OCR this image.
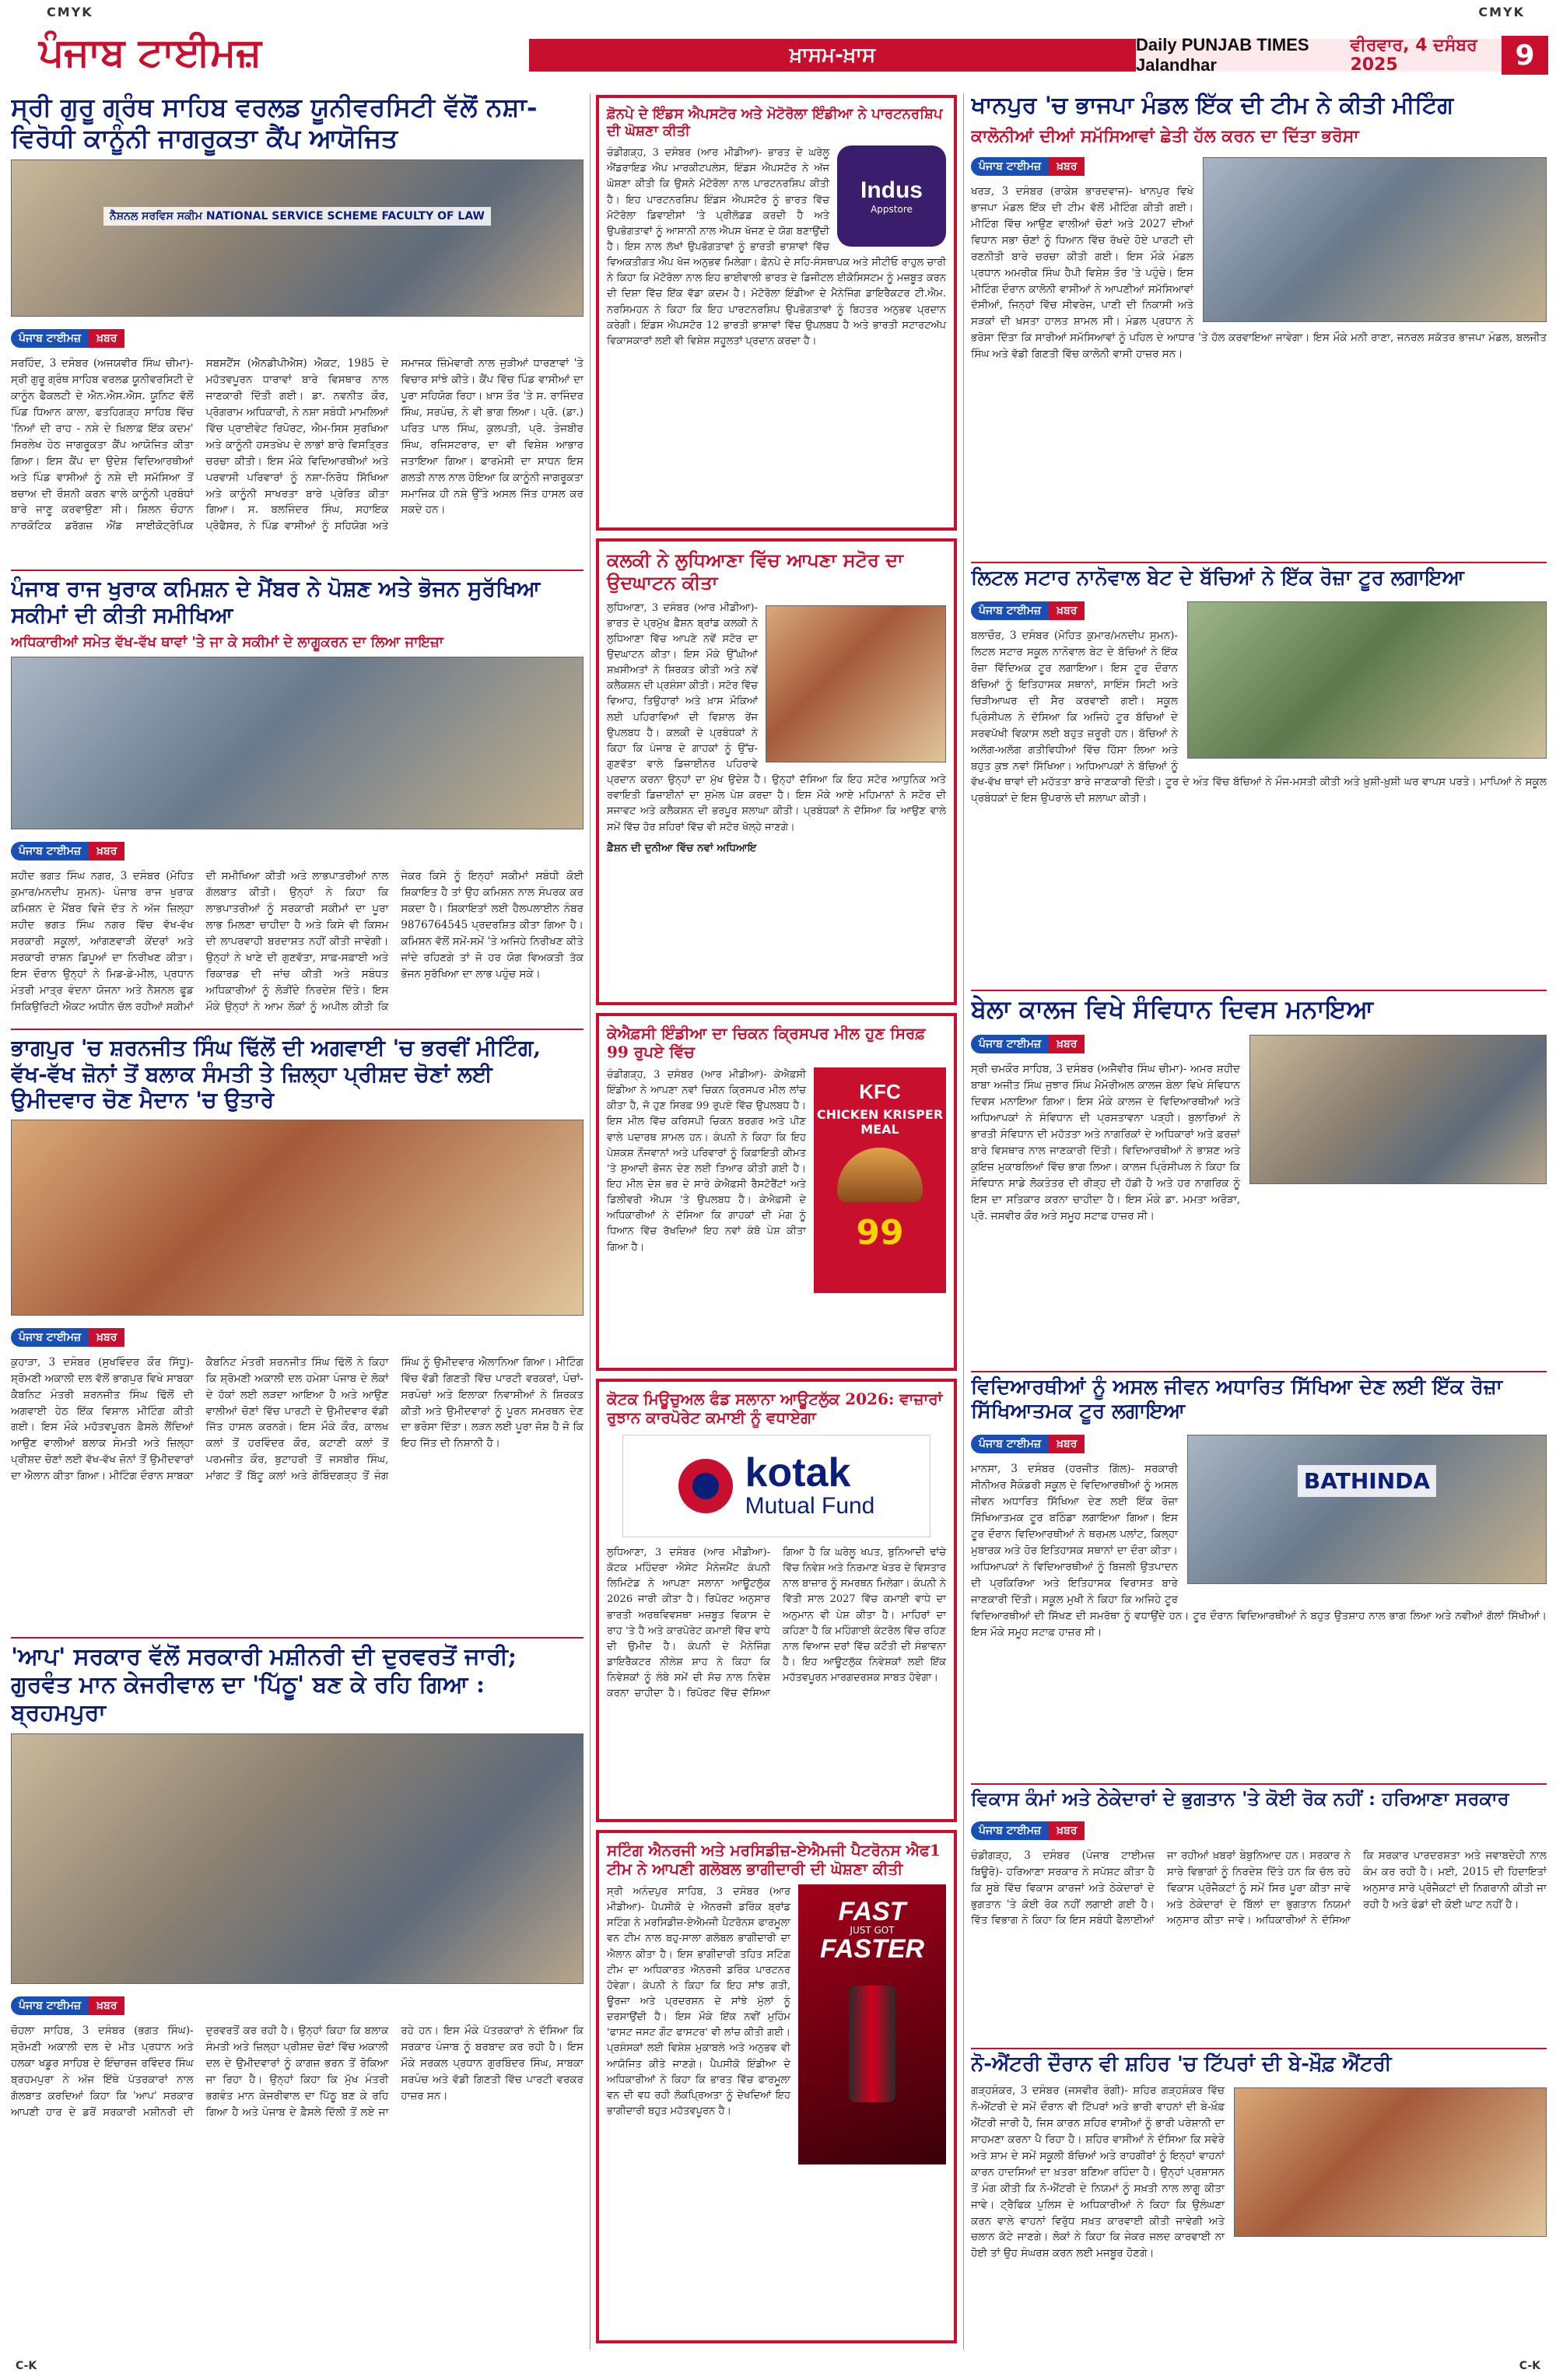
CMYK	CMYK
ਪੰਜਾਬ ਟਾਈਮਜ਼	ਖ਼ਾਸਮ-ਖ਼ਾਸ	Daily PUNJAB TIMES Jalandhar
ਵੀਰਵਾਰ, 4 ਦਸੰਬਰ 2025	9
ਸ੍ਰੀ ਗੁਰੂ ਗ੍ਰੰਥ ਸਾਹਿਬ ਵਰਲਡ ਯੂਨੀਵਰਸਿਟੀ ਵੱਲੋਂ ਨਸ਼ਾ-ਵਿਰੋਧੀ ਕਾਨੂੰਨੀ ਜਾਗਰੂਕਤਾ ਕੈਂਪ ਆਯੋਜਿਤ
ਨੈਸ਼ਨਲ ਸਰਵਿਸ ਸਕੀਮ NATIONAL SERVICE SCHEME FACULTY OF LAW
ਪੰਜਾਬ ਟਾਈਮਜ਼	ਖ਼ਬਰ
ਸਰਹਿੰਦ, 3 ਦਸੰਬਰ (ਅਜਯਵੀਰ ਸਿੰਘ ਚੀਮਾ)- ਸ੍ਰੀ ਗੁਰੂ ਗ੍ਰੰਥ ਸਾਹਿਬ ਵਰਲਡ ਯੂਨੀਵਰਸਿਟੀ ਦੇ ਕਾਨੂੰਨ ਫੈਕਲਟੀ ਦੇ ਐਨ.ਐਸ.ਐਸ. ਯੂਨਿਟ ਵੱਲੋਂ ਪਿੰਡ ਧਿਆਨ ਕਾਲਾ, ਫਤਹਿਗੜ੍ਹ ਸਾਹਿਬ ਵਿੱਚ 'ਨਿਆਂ ਦੀ ਰਾਹ - ਨਸ਼ੇ ਦੇ ਖ਼ਿਲਾਫ਼ ਇੱਕ ਕਦਮ' ਸਿਰਲੇਖ ਹੇਠ ਜਾਗਰੂਕਤਾ ਕੈਂਪ ਆਯੋਜਿਤ ਕੀਤਾ ਗਿਆ। ਇਸ ਕੈਂਪ ਦਾ ਉਦੇਸ਼ ਵਿਦਿਆਰਥੀਆਂ ਅਤੇ ਪਿੰਡ ਵਾਸੀਆਂ ਨੂੰ ਨਸ਼ੇ ਦੀ ਸਮੱਸਿਆ ਤੋਂ ਬਚਾਅ ਦੀ ਰੌਸ਼ਨੀ ਕਰਨ ਵਾਲੇ ਕਾਨੂੰਨੀ ਪ੍ਰਬੰਧਾਂ ਬਾਰੇ ਜਾਣੂ ਕਰਵਾਉਣਾ ਸੀ। ਸ਼ਿਲਨ ਚੌਹਾਨ ਨਾਰਕੋਟਿਕ ਡਰੱਗਜ਼ ਐਂਡ ਸਾਈਕੋਟ੍ਰੋਪਿਕ ਸਬਸਟੈਂਸ (ਐਨਡੀਪੀਐਸ) ਐਕਟ, 1985 ਦੇ ਮਹੱਤਵਪੂਰਨ ਧਾਰਾਵਾਂ ਬਾਰੇ ਵਿਸਥਾਰ ਨਾਲ ਜਾਣਕਾਰੀ ਦਿੱਤੀ ਗਈ। ਡਾ. ਨਵਨੀਤ ਕੌਰ, ਪ੍ਰੋਗਰਾਮ ਅਧਿਕਾਰੀ, ਨੇ ਨਸ਼ਾ ਸਬੰਧੀ ਮਾਮਲਿਆਂ ਵਿੱਚ ਪ੍ਰਾਈਵੇਟ ਰਿਪੋਰਟ, ਐਮ-ਸਿਸ ਸੁਰਖਿਆ ਅਤੇ ਕਾਨੂੰਨੀ ਹਸਤਖੇਪ ਦੇ ਲਾਭਾਂ ਬਾਰੇ ਵਿਸਤ੍ਰਿਤ ਚਰਚਾ ਕੀਤੀ। ਇਸ ਮੌਕੇ ਵਿਦਿਆਰਥੀਆਂ ਅਤੇ ਪਰਵਾਸੀ ਪਰਿਵਾਰਾਂ ਨੂੰ ਨਸ਼ਾ-ਨਿਰੋਧ ਸਿੱਖਿਆ ਅਤੇ ਕਾਨੂੰਨੀ ਸਾਖਰਤਾ ਬਾਰੇ ਪ੍ਰੇਰਿਤ ਕੀਤਾ ਗਿਆ। ਸ. ਬਲਜਿੰਦਰ ਸਿੰਘ, ਸਹਾਇਕ ਪ੍ਰੋਫੈਸਰ, ਨੇ ਪਿੰਡ ਵਾਸੀਆਂ ਨੂੰ ਸਹਿਯੋਗ ਅਤੇ ਸਮਾਜਕ ਜ਼ਿੰਮੇਵਾਰੀ ਨਾਲ ਜੁੜੀਆਂ ਧਾਰਣਾਵਾਂ 'ਤੇ ਵਿਚਾਰ ਸਾਂਝੇ ਕੀਤੇ। ਕੈਂਪ ਵਿੱਚ ਪਿੰਡ ਵਾਸੀਆਂ ਦਾ ਪੂਰਾ ਸਹਿਯੋਗ ਰਿਹਾ। ਖ਼ਾਸ ਤੌਰ 'ਤੇ ਸ. ਰਾਜਿੰਦਰ ਸਿੰਘ, ਸਰਪੰਚ, ਨੇ ਵੀ ਭਾਗ ਲਿਆ। ਪ੍ਰੋ. (ਡਾ.) ਪਰਿਤ ਪਾਲ ਸਿੰਘ, ਕੁਲਪਤੀ, ਪ੍ਰੋ. ਤੇਜਬੀਰ ਸਿੰਘ, ਰਜਿਸਟਰਾਰ, ਦਾ ਵੀ ਵਿਸ਼ੇਸ਼ ਆਭਾਰ ਜਤਾਇਆ ਗਿਆ। ਫਾਰਮੇਸੀ ਦਾ ਸਾਧਨ ਇਸ ਗਲਤੀ ਨਾਲ ਨਾਲ ਹੋਇਆ ਕਿ ਕਾਨੂੰਨੀ ਜਾਗਰੂਕਤਾ ਸਮਾਜਿਕ ਹੀ ਨਸ਼ੇ ਉੱਤੇ ਅਸਲ ਜਿੱਤ ਹਾਸਲ ਕਰ ਸਕਦੇ ਹਨ।
ਪੰਜਾਬ ਰਾਜ ਖੁਰਾਕ ਕਮਿਸ਼ਨ ਦੇ ਮੈਂਬਰ ਨੇ ਪੋਸ਼ਣ ਅਤੇ ਭੋਜਨ ਸੁਰੱਖਿਆ ਸਕੀਮਾਂ ਦੀ ਕੀਤੀ ਸਮੀਖਿਆ
ਅਧਿਕਾਰੀਆਂ ਸਮੇਤ ਵੱਖ-ਵੱਖ ਥਾਵਾਂ 'ਤੇ ਜਾ ਕੇ ਸਕੀਮਾਂ ਦੇ ਲਾਗੂਕਰਨ ਦਾ ਲਿਆ ਜਾਇਜ਼ਾ
ਪੰਜਾਬ ਟਾਈਮਜ਼	ਖ਼ਬਰ
ਸ਼ਹੀਦ ਭਗਤ ਸਿੰਘ ਨਗਰ, 3 ਦਸੰਬਰ (ਮੋਹਿਤ ਕੁਮਾਰ/ਮਨਦੀਪ ਸੁਮਨ)- ਪੰਜਾਬ ਰਾਜ ਖੁਰਾਕ ਕਮਿਸ਼ਨ ਦੇ ਮੈਂਬਰ ਵਿਜੇ ਦੱਤ ਨੇ ਅੱਜ ਜ਼ਿਲ੍ਹਾ ਸ਼ਹੀਦ ਭਗਤ ਸਿੰਘ ਨਗਰ ਵਿੱਚ ਵੱਖ-ਵੱਖ ਸਰਕਾਰੀ ਸਕੂਲਾਂ, ਆਂਗਣਵਾੜੀ ਕੇਂਦਰਾਂ ਅਤੇ ਸਰਕਾਰੀ ਰਾਸ਼ਨ ਡਿਪੂਆਂ ਦਾ ਨਿਰੀਖਣ ਕੀਤਾ। ਇਸ ਦੌਰਾਨ ਉਨ੍ਹਾਂ ਨੇ ਮਿਡ-ਡੇ-ਮੀਲ, ਪ੍ਰਧਾਨ ਮੰਤਰੀ ਮਾਤ੍ਰ ਵੰਦਨਾ ਯੋਜਨਾ ਅਤੇ ਨੈਸ਼ਨਲ ਫੂਡ ਸਿਕਿਉਰਿਟੀ ਐਕਟ ਅਧੀਨ ਚੱਲ ਰਹੀਆਂ ਸਕੀਮਾਂ ਦੀ ਸਮੀਖਿਆ ਕੀਤੀ ਅਤੇ ਲਾਭਪਾਤਰੀਆਂ ਨਾਲ ਗੱਲਬਾਤ ਕੀਤੀ। ਉਨ੍ਹਾਂ ਨੇ ਕਿਹਾ ਕਿ ਲਾਭਪਾਤਰੀਆਂ ਨੂੰ ਸਰਕਾਰੀ ਸਕੀਮਾਂ ਦਾ ਪੂਰਾ ਲਾਭ ਮਿਲਣਾ ਚਾਹੀਦਾ ਹੈ ਅਤੇ ਕਿਸੇ ਵੀ ਕਿਸਮ ਦੀ ਲਾਪਰਵਾਹੀ ਬਰਦਾਸ਼ਤ ਨਹੀਂ ਕੀਤੀ ਜਾਵੇਗੀ। ਉਨ੍ਹਾਂ ਨੇ ਖਾਣੇ ਦੀ ਗੁਣਵੱਤਾ, ਸਾਫ਼-ਸਫ਼ਾਈ ਅਤੇ ਰਿਕਾਰਡ ਦੀ ਜਾਂਚ ਕੀਤੀ ਅਤੇ ਸਬੰਧਤ ਅਧਿਕਾਰੀਆਂ ਨੂੰ ਲੋੜੀਂਦੇ ਨਿਰਦੇਸ਼ ਦਿੱਤੇ। ਇਸ ਮੌਕੇ ਉਨ੍ਹਾਂ ਨੇ ਆਮ ਲੋਕਾਂ ਨੂੰ ਅਪੀਲ ਕੀਤੀ ਕਿ ਜੇਕਰ ਕਿਸੇ ਨੂੰ ਇਨ੍ਹਾਂ ਸਕੀਮਾਂ ਸਬੰਧੀ ਕੋਈ ਸ਼ਿਕਾਇਤ ਹੈ ਤਾਂ ਉਹ ਕਮਿਸ਼ਨ ਨਾਲ ਸੰਪਰਕ ਕਰ ਸਕਦਾ ਹੈ। ਸ਼ਿਕਾਇਤਾਂ ਲਈ ਹੈਲਪਲਾਈਨ ਨੰਬਰ 9876764545 ਪ੍ਰਦਰਸ਼ਿਤ ਕੀਤਾ ਗਿਆ ਹੈ। ਕਮਿਸ਼ਨ ਵੱਲੋਂ ਸਮੇਂ-ਸਮੇਂ 'ਤੇ ਅਜਿਹੇ ਨਿਰੀਖਣ ਕੀਤੇ ਜਾਂਦੇ ਰਹਿਣਗੇ ਤਾਂ ਜੋ ਹਰ ਯੋਗ ਵਿਅਕਤੀ ਤੱਕ ਭੋਜਨ ਸੁਰੱਖਿਆ ਦਾ ਲਾਭ ਪਹੁੰਚ ਸਕੇ।
ਭਾਗਪੁਰ 'ਚ ਸ਼ਰਨਜੀਤ ਸਿੰਘ ਢਿੱਲੋਂ ਦੀ ਅਗਵਾਈ 'ਚ ਭਰਵੀਂ ਮੀਟਿੰਗ, ਵੱਖ-ਵੱਖ ਜ਼ੋਨਾਂ ਤੋਂ ਬਲਾਕ ਸੰਮਤੀ ਤੇ ਜ਼ਿਲ੍ਹਾ ਪ੍ਰੀਸ਼ਦ ਚੋਣਾਂ ਲਈ ਉਮੀਦਵਾਰ ਚੋਣ ਮੈਦਾਨ 'ਚ ਉਤਾਰੇ
ਪੰਜਾਬ ਟਾਈਮਜ਼	ਖ਼ਬਰ
ਕੁਹਾੜਾ, 3 ਦਸੰਬਰ (ਸੁਖਵਿੰਦਰ ਕੌਰ ਸਿੱਧੂ)- ਸ਼੍ਰੋਮਣੀ ਅਕਾਲੀ ਦਲ ਵੱਲੋਂ ਭਾਗਪੁਰ ਵਿਖੇ ਸਾਬਕਾ ਕੈਬਨਿਟ ਮੰਤਰੀ ਸ਼ਰਨਜੀਤ ਸਿੰਘ ਢਿੱਲੋਂ ਦੀ ਅਗਵਾਈ ਹੇਠ ਇੱਕ ਵਿਸ਼ਾਲ ਮੀਟਿੰਗ ਕੀਤੀ ਗਈ। ਇਸ ਮੌਕੇ ਮਹੱਤਵਪੂਰਨ ਫ਼ੈਸਲੇ ਲੈਂਦਿਆਂ ਆਉਣ ਵਾਲੀਆਂ ਬਲਾਕ ਸੰਮਤੀ ਅਤੇ ਜ਼ਿਲ੍ਹਾ ਪ੍ਰੀਸ਼ਦ ਚੋਣਾਂ ਲਈ ਵੱਖ-ਵੱਖ ਜ਼ੋਨਾਂ ਤੋਂ ਉਮੀਦਵਾਰਾਂ ਦਾ ਐਲਾਨ ਕੀਤਾ ਗਿਆ। ਮੀਟਿੰਗ ਦੌਰਾਨ ਸਾਬਕਾ ਕੈਬਨਿਟ ਮੰਤਰੀ ਸ਼ਰਨਜੀਤ ਸਿੰਘ ਢਿੱਲੋਂ ਨੇ ਕਿਹਾ ਕਿ ਸ਼੍ਰੋਮਣੀ ਅਕਾਲੀ ਦਲ ਹਮੇਸ਼ਾ ਪੰਜਾਬ ਦੇ ਲੋਕਾਂ ਦੇ ਹੱਕਾਂ ਲਈ ਲੜਦਾ ਆਇਆ ਹੈ ਅਤੇ ਆਉਣ ਵਾਲੀਆਂ ਚੋਣਾਂ ਵਿੱਚ ਪਾਰਟੀ ਦੇ ਉਮੀਦਵਾਰ ਵੱਡੀ ਜਿੱਤ ਹਾਸਲ ਕਰਨਗੇ। ਇਸ ਮੌਕੇ ਕੌਰ, ਕਾਲਖ ਕਲਾਂ ਤੋਂ ਹਰਵਿੰਦਰ ਕੌਰ, ਕਟਾਣੀ ਕਲਾਂ ਤੋਂ ਪਰਮਜੀਤ ਕੌਰ, ਬੁਟਾਹਰੀ ਤੋਂ ਜਸਬੀਰ ਸਿੰਘ, ਮਾਂਗਟ ਤੋਂ ਬਿੱਟੂ ਕਲਾਂ ਅਤੇ ਗੋਬਿੰਦਗੜ੍ਹ ਤੋਂ ਜੰਗ ਸਿੰਘ ਨੂੰ ਉਮੀਦਵਾਰ ਐਲਾਨਿਆ ਗਿਆ। ਮੀਟਿੰਗ ਵਿੱਚ ਵੱਡੀ ਗਿਣਤੀ ਵਿੱਚ ਪਾਰਟੀ ਵਰਕਰਾਂ, ਪੰਚਾਂ-ਸਰਪੰਚਾਂ ਅਤੇ ਇਲਾਕਾ ਨਿਵਾਸੀਆਂ ਨੇ ਸ਼ਿਰਕਤ ਕੀਤੀ ਅਤੇ ਉਮੀਦਵਾਰਾਂ ਨੂੰ ਪੂਰਨ ਸਮਰਥਨ ਦੇਣ ਦਾ ਭਰੋਸਾ ਦਿੱਤਾ। ਲੜਨ ਲਈ ਪੂਰਾ ਜੋਸ਼ ਹੈ ਜੋ ਕਿ ਇਹ ਜਿੱਤ ਦੀ ਨਿਸ਼ਾਨੀ ਹੈ।
'ਆਪ' ਸਰਕਾਰ ਵੱਲੋਂ ਸਰਕਾਰੀ ਮਸ਼ੀਨਰੀ ਦੀ ਦੁਰਵਰਤੋਂ ਜਾਰੀ; ਗੁਰਵੰਤ ਮਾਨ ਕੇਜਰੀਵਾਲ ਦਾ 'ਪਿੱਠੂ' ਬਣ ਕੇ ਰਹਿ ਗਿਆ : ਬ੍ਰਹਮਪੁਰਾ
ਪੰਜਾਬ ਟਾਈਮਜ਼	ਖ਼ਬਰ
ਚੋਹਲਾ ਸਾਹਿਬ, 3 ਦਸੰਬਰ (ਭਗਤ ਸਿੰਘ)- ਸ਼੍ਰੋਮਣੀ ਅਕਾਲੀ ਦਲ ਦੇ ਮੀਤ ਪ੍ਰਧਾਨ ਅਤੇ ਹਲਕਾ ਖਡੂਰ ਸਾਹਿਬ ਦੇ ਇੰਚਾਰਜ ਰਵਿੰਦਰ ਸਿੰਘ ਬ੍ਰਹਮਪੁਰਾ ਨੇ ਅੱਜ ਇੱਥੇ ਪੱਤਰਕਾਰਾਂ ਨਾਲ ਗੱਲਬਾਤ ਕਰਦਿਆਂ ਕਿਹਾ ਕਿ 'ਆਪ' ਸਰਕਾਰ ਆਪਣੀ ਹਾਰ ਦੇ ਡਰੋਂ ਸਰਕਾਰੀ ਮਸ਼ੀਨਰੀ ਦੀ ਦੁਰਵਰਤੋਂ ਕਰ ਰਹੀ ਹੈ। ਉਨ੍ਹਾਂ ਕਿਹਾ ਕਿ ਬਲਾਕ ਸੰਮਤੀ ਅਤੇ ਜ਼ਿਲ੍ਹਾ ਪ੍ਰੀਸ਼ਦ ਚੋਣਾਂ ਵਿੱਚ ਅਕਾਲੀ ਦਲ ਦੇ ਉਮੀਦਵਾਰਾਂ ਨੂੰ ਕਾਗਜ਼ ਭਰਨ ਤੋਂ ਰੋਕਿਆ ਜਾ ਰਿਹਾ ਹੈ। ਉਨ੍ਹਾਂ ਕਿਹਾ ਕਿ ਮੁੱਖ ਮੰਤਰੀ ਭਗਵੰਤ ਮਾਨ ਕੇਜਰੀਵਾਲ ਦਾ ਪਿੱਠੂ ਬਣ ਕੇ ਰਹਿ ਗਿਆ ਹੈ ਅਤੇ ਪੰਜਾਬ ਦੇ ਫ਼ੈਸਲੇ ਦਿੱਲੀ ਤੋਂ ਲਏ ਜਾ ਰਹੇ ਹਨ। ਇਸ ਮੌਕੇ ਪੱਤਰਕਾਰਾਂ ਨੇ ਦੱਸਿਆ ਕਿ ਸਰਕਾਰ ਪੰਜਾਬ ਨੂੰ ਬਰਬਾਦ ਕਰ ਰਹੀ ਹੈ। ਇਸ ਮੌਕੇ ਸਰਕਲ ਪ੍ਰਧਾਨ ਗੁਰਬਿੰਦਰ ਸਿੰਘ, ਸਾਬਕਾ ਸਰਪੰਚ ਅਤੇ ਵੱਡੀ ਗਿਣਤੀ ਵਿੱਚ ਪਾਰਟੀ ਵਰਕਰ ਹਾਜ਼ਰ ਸਨ।
ਫ਼ੋਨਪੇ ਦੇ ਇੰਡਸ ਐਪਸਟੋਰ ਅਤੇ ਮੋਟੋਰੋਲਾ ਇੰਡੀਆ ਨੇ ਪਾਰਟਨਰਸ਼ਿਪ ਦੀ ਘੋਸ਼ਣਾ ਕੀਤੀ
Indus
Appstore
ਚੰਡੀਗੜ੍ਹ, 3 ਦਸੰਬਰ (ਆਰ ਮੀਡੀਆ)- ਭਾਰਤ ਦੇ ਘਰੇਲੂ ਐਂਡਰਾਇਡ ਐਪ ਮਾਰਕੀਟਪਲੇਸ, ਇੰਡਸ ਐਪਸਟੋਰ ਨੇ ਅੱਜ ਘੋਸ਼ਣਾ ਕੀਤੀ ਕਿ ਉਸਨੇ ਮੋਟੋਰੋਲਾ ਨਾਲ ਪਾਰਟਨਰਸ਼ਿਪ ਕੀਤੀ ਹੈ। ਇਹ ਪਾਰਟਨਰਸ਼ਿਪ ਇੰਡਸ ਐਪਸਟੋਰ ਨੂੰ ਭਾਰਤ ਵਿੱਚ ਮੋਟੋਰੋਲਾ ਡਿਵਾਈਸਾਂ 'ਤੇ ਪ੍ਰੀਲੋਡਡ ਕਰਦੀ ਹੈ ਅਤੇ ਉਪਭੋਗਤਾਵਾਂ ਨੂੰ ਆਸਾਨੀ ਨਾਲ ਐਪਸ ਖੋਜਣ ਦੇ ਯੋਗ ਬਣਾਉਂਦੀ ਹੈ। ਇਸ ਨਾਲ ਲੱਖਾਂ ਉਪਭੋਗਤਾਵਾਂ ਨੂੰ ਭਾਰਤੀ ਭਾਸ਼ਾਵਾਂ ਵਿੱਚ ਵਿਅਕਤੀਗਤ ਐਪ ਖੋਜ ਅਨੁਭਵ ਮਿਲੇਗਾ। ਫ਼ੋਨਪੇ ਦੇ ਸਹਿ-ਸੰਸਥਾਪਕ ਅਤੇ ਸੀਟੀਓ ਰਾਹੁਲ ਚਾਰੀ ਨੇ ਕਿਹਾ ਕਿ ਮੋਟੋਰੋਲਾ ਨਾਲ ਇਹ ਭਾਈਵਾਲੀ ਭਾਰਤ ਦੇ ਡਿਜੀਟਲ ਈਕੋਸਿਸਟਮ ਨੂੰ ਮਜ਼ਬੂਤ ਕਰਨ ਦੀ ਦਿਸ਼ਾ ਵਿੱਚ ਇੱਕ ਵੱਡਾ ਕਦਮ ਹੈ। ਮੋਟੋਰੋਲਾ ਇੰਡੀਆ ਦੇ ਮੈਨੇਜਿੰਗ ਡਾਇਰੈਕਟਰ ਟੀ.ਐਮ. ਨਰਸਿਮਹਨ ਨੇ ਕਿਹਾ ਕਿ ਇਹ ਪਾਰਟਨਰਸ਼ਿਪ ਉਪਭੋਗਤਾਵਾਂ ਨੂੰ ਬਿਹਤਰ ਅਨੁਭਵ ਪ੍ਰਦਾਨ ਕਰੇਗੀ। ਇੰਡਸ ਐਪਸਟੋਰ 12 ਭਾਰਤੀ ਭਾਸ਼ਾਵਾਂ ਵਿੱਚ ਉਪਲਬਧ ਹੈ ਅਤੇ ਭਾਰਤੀ ਸਟਾਰਟਅੱਪ ਵਿਕਾਸਕਾਰਾਂ ਲਈ ਵੀ ਵਿਸ਼ੇਸ਼ ਸਹੂਲਤਾਂ ਪ੍ਰਦਾਨ ਕਰਦਾ ਹੈ।
ਕਲਕੀ ਨੇ ਲੁਧਿਆਣਾ ਵਿੱਚ ਆਪਣਾ ਸਟੋਰ ਦਾ ਉਦਘਾਟਨ ਕੀਤਾ
ਲੁਧਿਆਣਾ, 3 ਦਸੰਬਰ (ਆਰ ਮੀਡੀਆ)- ਭਾਰਤ ਦੇ ਪ੍ਰਮੁੱਖ ਫ਼ੈਸ਼ਨ ਬ੍ਰਾਂਡ ਕਲਕੀ ਨੇ ਲੁਧਿਆਣਾ ਵਿੱਚ ਆਪਣੇ ਨਵੇਂ ਸਟੋਰ ਦਾ ਉਦਘਾਟਨ ਕੀਤਾ। ਇਸ ਮੌਕੇ ਉੱਘੀਆਂ ਸ਼ਖ਼ਸੀਅਤਾਂ ਨੇ ਸ਼ਿਰਕਤ ਕੀਤੀ ਅਤੇ ਨਵੇਂ ਕਲੈਕਸ਼ਨ ਦੀ ਪ੍ਰਸ਼ੰਸਾ ਕੀਤੀ। ਸਟੋਰ ਵਿੱਚ ਵਿਆਹ, ਤਿਉਹਾਰਾਂ ਅਤੇ ਖ਼ਾਸ ਮੌਕਿਆਂ ਲਈ ਪਹਿਰਾਵਿਆਂ ਦੀ ਵਿਸ਼ਾਲ ਰੇਂਜ ਉਪਲਬਧ ਹੈ। ਕਲਕੀ ਦੇ ਪ੍ਰਬੰਧਕਾਂ ਨੇ ਕਿਹਾ ਕਿ ਪੰਜਾਬ ਦੇ ਗਾਹਕਾਂ ਨੂੰ ਉੱਚ-ਗੁਣਵੱਤਾ ਵਾਲੇ ਡਿਜ਼ਾਈਨਰ ਪਹਿਰਾਵੇ ਪ੍ਰਦਾਨ ਕਰਨਾ ਉਨ੍ਹਾਂ ਦਾ ਮੁੱਖ ਉਦੇਸ਼ ਹੈ। ਉਨ੍ਹਾਂ ਦੱਸਿਆ ਕਿ ਇਹ ਸਟੋਰ ਆਧੁਨਿਕ ਅਤੇ ਰਵਾਇਤੀ ਡਿਜ਼ਾਈਨਾਂ ਦਾ ਸੁਮੇਲ ਪੇਸ਼ ਕਰਦਾ ਹੈ। ਇਸ ਮੌਕੇ ਆਏ ਮਹਿਮਾਨਾਂ ਨੇ ਸਟੋਰ ਦੀ ਸਜਾਵਟ ਅਤੇ ਕਲੈਕਸ਼ਨ ਦੀ ਭਰਪੂਰ ਸ਼ਲਾਘਾ ਕੀਤੀ। ਪ੍ਰਬੰਧਕਾਂ ਨੇ ਦੱਸਿਆ ਕਿ ਆਉਣ ਵਾਲੇ ਸਮੇਂ ਵਿੱਚ ਹੋਰ ਸ਼ਹਿਰਾਂ ਵਿੱਚ ਵੀ ਸਟੋਰ ਖੋਲ੍ਹੇ ਜਾਣਗੇ।
ਫ਼ੈਸ਼ਨ ਦੀ ਦੁਨੀਆ ਵਿੱਚ ਨਵਾਂ ਅਧਿਆਇ
ਕੇਐਫ਼ਸੀ ਇੰਡੀਆ ਦਾ ਚਿਕਨ ਕ੍ਰਿਸਪਰ ਮੀਲ ਹੁਣ ਸਿਰਫ਼ 99 ਰੁਪਏ ਵਿੱਚ
KFC
CHICKEN KRISPER MEAL
99
ਚੰਡੀਗੜ੍ਹ, 3 ਦਸੰਬਰ (ਆਰ ਮੀਡੀਆ)- ਕੇਐਫ਼ਸੀ ਇੰਡੀਆ ਨੇ ਆਪਣਾ ਨਵਾਂ ਚਿਕਨ ਕ੍ਰਿਸਪਰ ਮੀਲ ਲਾਂਚ ਕੀਤਾ ਹੈ, ਜੋ ਹੁਣ ਸਿਰਫ਼ 99 ਰੁਪਏ ਵਿੱਚ ਉਪਲਬਧ ਹੈ। ਇਸ ਮੀਲ ਵਿੱਚ ਕਰਿਸਪੀ ਚਿਕਨ ਬਰਗਰ ਅਤੇ ਪੀਣ ਵਾਲੇ ਪਦਾਰਥ ਸ਼ਾਮਲ ਹਨ। ਕੰਪਨੀ ਨੇ ਕਿਹਾ ਕਿ ਇਹ ਪੇਸ਼ਕਸ਼ ਨੌਜਵਾਨਾਂ ਅਤੇ ਪਰਿਵਾਰਾਂ ਨੂੰ ਕਿਫ਼ਾਇਤੀ ਕੀਮਤ 'ਤੇ ਸੁਆਦੀ ਭੋਜਨ ਦੇਣ ਲਈ ਤਿਆਰ ਕੀਤੀ ਗਈ ਹੈ। ਇਹ ਮੀਲ ਦੇਸ਼ ਭਰ ਦੇ ਸਾਰੇ ਕੇਐਫ਼ਸੀ ਰੈਸਟੋਰੈਂਟਾਂ ਅਤੇ ਡਿਲੀਵਰੀ ਐਪਸ 'ਤੇ ਉਪਲਬਧ ਹੈ। ਕੇਐਫ਼ਸੀ ਦੇ ਅਧਿਕਾਰੀਆਂ ਨੇ ਦੱਸਿਆ ਕਿ ਗਾਹਕਾਂ ਦੀ ਮੰਗ ਨੂੰ ਧਿਆਨ ਵਿੱਚ ਰੱਖਦਿਆਂ ਇਹ ਨਵਾਂ ਕੰਬੋ ਪੇਸ਼ ਕੀਤਾ ਗਿਆ ਹੈ।
ਕੋਟਕ ਮਿਊਚੁਅਲ ਫੰਡ ਸਲਾਨਾ ਆਊਟਲੁੱਕ 2026: ਵਾਜ਼ਾਰਾਂ ਰੁਝਾਨ ਕਾਰਪੋਰੇਟ ਕਮਾਈ ਨੂੰ ਵਧਾਏਗਾ
kotak
Mutual Fund
ਲੁਧਿਆਣਾ, 3 ਦਸੰਬਰ (ਆਰ ਮੀਡੀਆ)- ਕੋਟਕ ਮਹਿੰਦਰਾ ਐਸੇਟ ਮੈਨੇਜਮੈਂਟ ਕੰਪਨੀ ਲਿਮਿਟੇਡ ਨੇ ਆਪਣਾ ਸਲਾਨਾ ਆਊਟਲੁੱਕ 2026 ਜਾਰੀ ਕੀਤਾ ਹੈ। ਰਿਪੋਰਟ ਅਨੁਸਾਰ ਭਾਰਤੀ ਅਰਥਵਿਵਸਥਾ ਮਜ਼ਬੂਤ ਵਿਕਾਸ ਦੇ ਰਾਹ 'ਤੇ ਹੈ ਅਤੇ ਕਾਰਪੋਰੇਟ ਕਮਾਈ ਵਿੱਚ ਵਾਧੇ ਦੀ ਉਮੀਦ ਹੈ। ਕੰਪਨੀ ਦੇ ਮੈਨੇਜਿੰਗ ਡਾਇਰੈਕਟਰ ਨੀਲੇਸ਼ ਸ਼ਾਹ ਨੇ ਕਿਹਾ ਕਿ ਨਿਵੇਸ਼ਕਾਂ ਨੂੰ ਲੰਬੇ ਸਮੇਂ ਦੀ ਸੋਚ ਨਾਲ ਨਿਵੇਸ਼ ਕਰਨਾ ਚਾਹੀਦਾ ਹੈ। ਰਿਪੋਰਟ ਵਿੱਚ ਦੱਸਿਆ ਗਿਆ ਹੈ ਕਿ ਘਰੇਲੂ ਖਪਤ, ਬੁਨਿਆਦੀ ਢਾਂਚੇ ਵਿੱਚ ਨਿਵੇਸ਼ ਅਤੇ ਨਿਰਮਾਣ ਖੇਤਰ ਦੇ ਵਿਸਤਾਰ ਨਾਲ ਬਾਜ਼ਾਰ ਨੂੰ ਸਮਰਥਨ ਮਿਲੇਗਾ। ਕੰਪਨੀ ਨੇ ਵਿੱਤੀ ਸਾਲ 2027 ਵਿੱਚ ਕਮਾਈ ਵਾਧੇ ਦਾ ਅਨੁਮਾਨ ਵੀ ਪੇਸ਼ ਕੀਤਾ ਹੈ। ਮਾਹਿਰਾਂ ਦਾ ਕਹਿਣਾ ਹੈ ਕਿ ਮਹਿੰਗਾਈ ਕੰਟਰੋਲ ਵਿੱਚ ਰਹਿਣ ਨਾਲ ਵਿਆਜ ਦਰਾਂ ਵਿੱਚ ਕਟੌਤੀ ਦੀ ਸੰਭਾਵਨਾ ਹੈ। ਇਹ ਆਊਟਲੁੱਕ ਨਿਵੇਸ਼ਕਾਂ ਲਈ ਇੱਕ ਮਹੱਤਵਪੂਰਨ ਮਾਰਗਦਰਸ਼ਕ ਸਾਬਤ ਹੋਵੇਗਾ।
ਸਟਿੰਗ ਐਨਰਜੀ ਅਤੇ ਮਰਸਿਡੀਜ਼-ਏਐਮਜੀ ਪੈਟਰੋਨਸ ਐਫ1 ਟੀਮ ਨੇ ਆਪਣੀ ਗਲੋਬਲ ਭਾਗੀਦਾਰੀ ਦੀ ਘੋਸ਼ਣਾ ਕੀਤੀ
FAST
JUST GOT
FASTER
ਸ੍ਰੀ ਅਨੰਦਪੁਰ ਸਾਹਿਬ, 3 ਦਸੰਬਰ (ਆਰ ਮੀਡੀਆ)- ਪੈਪਸੀਕੋ ਦੇ ਐਨਰਜੀ ਡਰਿੰਕ ਬ੍ਰਾਂਡ ਸਟਿੰਗ ਨੇ ਮਰਸਿਡੀਜ਼-ਏਐਮਜੀ ਪੈਟਰੋਨਸ ਫਾਰਮੂਲਾ ਵਨ ਟੀਮ ਨਾਲ ਬਹੁ-ਸਾਲਾ ਗਲੋਬਲ ਭਾਗੀਦਾਰੀ ਦਾ ਐਲਾਨ ਕੀਤਾ ਹੈ। ਇਸ ਭਾਗੀਦਾਰੀ ਤਹਿਤ ਸਟਿੰਗ ਟੀਮ ਦਾ ਅਧਿਕਾਰਤ ਐਨਰਜੀ ਡਰਿੰਕ ਪਾਰਟਨਰ ਹੋਵੇਗਾ। ਕੰਪਨੀ ਨੇ ਕਿਹਾ ਕਿ ਇਹ ਸਾਂਝ ਗਤੀ, ਊਰਜਾ ਅਤੇ ਪ੍ਰਦਰਸ਼ਨ ਦੇ ਸਾਂਝੇ ਮੁੱਲਾਂ ਨੂੰ ਦਰਸਾਉਂਦੀ ਹੈ। ਇਸ ਮੌਕੇ ਇੱਕ ਨਵੀਂ ਮੁਹਿੰਮ 'ਫਾਸਟ ਜਸਟ ਗੌਟ ਫਾਸਟਰ' ਵੀ ਲਾਂਚ ਕੀਤੀ ਗਈ। ਪ੍ਰਸ਼ੰਸਕਾਂ ਲਈ ਵਿਸ਼ੇਸ਼ ਮੁਕਾਬਲੇ ਅਤੇ ਅਨੁਭਵ ਵੀ ਆਯੋਜਿਤ ਕੀਤੇ ਜਾਣਗੇ। ਪੈਪਸੀਕੋ ਇੰਡੀਆ ਦੇ ਅਧਿਕਾਰੀਆਂ ਨੇ ਕਿਹਾ ਕਿ ਭਾਰਤ ਵਿੱਚ ਫਾਰਮੂਲਾ ਵਨ ਦੀ ਵਧ ਰਹੀ ਲੋਕਪ੍ਰਿਅਤਾ ਨੂੰ ਦੇਖਦਿਆਂ ਇਹ ਭਾਗੀਦਾਰੀ ਬਹੁਤ ਮਹੱਤਵਪੂਰਨ ਹੈ।
ਖਾਨਪੁਰ 'ਚ ਭਾਜਪਾ ਮੰਡਲ ਇੱਕ ਦੀ ਟੀਮ ਨੇ ਕੀਤੀ ਮੀਟਿੰਗ
ਕਾਲੋਨੀਆਂ ਦੀਆਂ ਸਮੱਸਿਆਵਾਂ ਛੇਤੀ ਹੱਲ ਕਰਨ ਦਾ ਦਿੱਤਾ ਭਰੋਸਾ
ਪੰਜਾਬ ਟਾਈਮਜ਼	ਖ਼ਬਰ
ਖਰੜ, 3 ਦਸੰਬਰ (ਰਾਕੇਸ਼ ਭਾਰਦਵਾਜ)- ਖਾਨਪੁਰ ਵਿਖੇ ਭਾਜਪਾ ਮੰਡਲ ਇੱਕ ਦੀ ਟੀਮ ਵੱਲੋਂ ਮੀਟਿੰਗ ਕੀਤੀ ਗਈ। ਮੀਟਿੰਗ ਵਿੱਚ ਆਉਣ ਵਾਲੀਆਂ ਚੋਣਾਂ ਅਤੇ 2027 ਦੀਆਂ ਵਿਧਾਨ ਸਭਾ ਚੋਣਾਂ ਨੂੰ ਧਿਆਨ ਵਿੱਚ ਰੱਖਦੇ ਹੋਏ ਪਾਰਟੀ ਦੀ ਰਣਨੀਤੀ ਬਾਰੇ ਚਰਚਾ ਕੀਤੀ ਗਈ। ਇਸ ਮੌਕੇ ਮੰਡਲ ਪ੍ਰਧਾਨ ਅਮਰੀਕ ਸਿੰਘ ਹੈਪੀ ਵਿਸ਼ੇਸ਼ ਤੌਰ 'ਤੇ ਪਹੁੰਚੇ। ਇਸ ਮੀਟਿੰਗ ਦੌਰਾਨ ਕਾਲੋਨੀ ਵਾਸੀਆਂ ਨੇ ਆਪਣੀਆਂ ਸਮੱਸਿਆਵਾਂ ਦੱਸੀਆਂ, ਜਿਨ੍ਹਾਂ ਵਿੱਚ ਸੀਵਰੇਜ, ਪਾਣੀ ਦੀ ਨਿਕਾਸੀ ਅਤੇ ਸੜਕਾਂ ਦੀ ਖ਼ਸਤਾ ਹਾਲਤ ਸ਼ਾਮਲ ਸੀ। ਮੰਡਲ ਪ੍ਰਧਾਨ ਨੇ ਭਰੋਸਾ ਦਿੱਤਾ ਕਿ ਸਾਰੀਆਂ ਸਮੱਸਿਆਵਾਂ ਨੂੰ ਪਹਿਲ ਦੇ ਆਧਾਰ 'ਤੇ ਹੱਲ ਕਰਵਾਇਆ ਜਾਵੇਗਾ। ਇਸ ਮੌਕੇ ਮਨੀ ਰਾਣਾ, ਜਨਰਲ ਸਕੱਤਰ ਭਾਜਪਾ ਮੰਡਲ, ਬਲਜੀਤ ਸਿੰਘ ਅਤੇ ਵੱਡੀ ਗਿਣਤੀ ਵਿੱਚ ਕਾਲੋਨੀ ਵਾਸੀ ਹਾਜ਼ਰ ਸਨ।
ਲਿਟਲ ਸਟਾਰ ਨਾਨੋਵਾਲ ਬੇਟ ਦੇ ਬੱਚਿਆਂ ਨੇ ਇੱਕ ਰੋਜ਼ਾ ਟੂਰ ਲਗਾਇਆ
ਪੰਜਾਬ ਟਾਈਮਜ਼	ਖ਼ਬਰ
ਬਲਾਚੌਰ, 3 ਦਸੰਬਰ (ਮੋਹਿਤ ਕੁਮਾਰ/ਮਨਦੀਪ ਸੁਮਨ)- ਲਿਟਲ ਸਟਾਰ ਸਕੂਲ ਨਾਨੋਵਾਲ ਬੇਟ ਦੇ ਬੱਚਿਆਂ ਨੇ ਇੱਕ ਰੋਜ਼ਾ ਵਿੱਦਿਅਕ ਟੂਰ ਲਗਾਇਆ। ਇਸ ਟੂਰ ਦੌਰਾਨ ਬੱਚਿਆਂ ਨੂੰ ਇਤਿਹਾਸਕ ਸਥਾਨਾਂ, ਸਾਇੰਸ ਸਿਟੀ ਅਤੇ ਚਿੜੀਆਘਰ ਦੀ ਸੈਰ ਕਰਵਾਈ ਗਈ। ਸਕੂਲ ਪ੍ਰਿੰਸੀਪਲ ਨੇ ਦੱਸਿਆ ਕਿ ਅਜਿਹੇ ਟੂਰ ਬੱਚਿਆਂ ਦੇ ਸਰਵਪੱਖੀ ਵਿਕਾਸ ਲਈ ਬਹੁਤ ਜ਼ਰੂਰੀ ਹਨ। ਬੱਚਿਆਂ ਨੇ ਅਲੱਗ-ਅਲੱਗ ਗਤੀਵਿਧੀਆਂ ਵਿੱਚ ਹਿੱਸਾ ਲਿਆ ਅਤੇ ਬਹੁਤ ਕੁਝ ਨਵਾਂ ਸਿੱਖਿਆ। ਅਧਿਆਪਕਾਂ ਨੇ ਬੱਚਿਆਂ ਨੂੰ ਵੱਖ-ਵੱਖ ਥਾਵਾਂ ਦੀ ਮਹੱਤਤਾ ਬਾਰੇ ਜਾਣਕਾਰੀ ਦਿੱਤੀ। ਟੂਰ ਦੇ ਅੰਤ ਵਿੱਚ ਬੱਚਿਆਂ ਨੇ ਮੌਜ-ਮਸਤੀ ਕੀਤੀ ਅਤੇ ਖ਼ੁਸ਼ੀ-ਖ਼ੁਸ਼ੀ ਘਰ ਵਾਪਸ ਪਰਤੇ। ਮਾਪਿਆਂ ਨੇ ਸਕੂਲ ਪ੍ਰਬੰਧਕਾਂ ਦੇ ਇਸ ਉਪਰਾਲੇ ਦੀ ਸ਼ਲਾਘਾ ਕੀਤੀ।
ਬੇਲਾ ਕਾਲਜ ਵਿਖੇ ਸੰਵਿਧਾਨ ਦਿਵਸ ਮਨਾਇਆ
ਪੰਜਾਬ ਟਾਈਮਜ਼	ਖ਼ਬਰ
ਸ੍ਰੀ ਚਮਕੌਰ ਸਾਹਿਬ, 3 ਦਸੰਬਰ (ਅਜੈਵੀਰ ਸਿੰਘ ਚੀਮਾ)- ਅਮਰ ਸ਼ਹੀਦ ਬਾਬਾ ਅਜੀਤ ਸਿੰਘ ਜੁਝਾਰ ਸਿੰਘ ਮੈਮੋਰੀਅਲ ਕਾਲਜ ਬੇਲਾ ਵਿਖੇ ਸੰਵਿਧਾਨ ਦਿਵਸ ਮਨਾਇਆ ਗਿਆ। ਇਸ ਮੌਕੇ ਕਾਲਜ ਦੇ ਵਿਦਿਆਰਥੀਆਂ ਅਤੇ ਅਧਿਆਪਕਾਂ ਨੇ ਸੰਵਿਧਾਨ ਦੀ ਪ੍ਰਸਤਾਵਨਾ ਪੜ੍ਹੀ। ਬੁਲਾਰਿਆਂ ਨੇ ਭਾਰਤੀ ਸੰਵਿਧਾਨ ਦੀ ਮਹੱਤਤਾ ਅਤੇ ਨਾਗਰਿਕਾਂ ਦੇ ਅਧਿਕਾਰਾਂ ਅਤੇ ਫ਼ਰਜ਼ਾਂ ਬਾਰੇ ਵਿਸਥਾਰ ਨਾਲ ਜਾਣਕਾਰੀ ਦਿੱਤੀ। ਵਿਦਿਆਰਥੀਆਂ ਨੇ ਭਾਸ਼ਣ ਅਤੇ ਕੁਇਜ਼ ਮੁਕਾਬਲਿਆਂ ਵਿੱਚ ਭਾਗ ਲਿਆ। ਕਾਲਜ ਪ੍ਰਿੰਸੀਪਲ ਨੇ ਕਿਹਾ ਕਿ ਸੰਵਿਧਾਨ ਸਾਡੇ ਲੋਕਤੰਤਰ ਦੀ ਰੀੜ੍ਹ ਦੀ ਹੱਡੀ ਹੈ ਅਤੇ ਹਰ ਨਾਗਰਿਕ ਨੂੰ ਇਸ ਦਾ ਸਤਿਕਾਰ ਕਰਨਾ ਚਾਹੀਦਾ ਹੈ। ਇਸ ਮੌਕੇ ਡਾ. ਮਮਤਾ ਅਰੋੜਾ, ਪ੍ਰੋ. ਜਸਵੀਰ ਕੌਰ ਅਤੇ ਸਮੂਹ ਸਟਾਫ਼ ਹਾਜ਼ਰ ਸੀ।
ਵਿਦਿਆਰਥੀਆਂ ਨੂੰ ਅਸਲ ਜੀਵਨ ਅਧਾਰਿਤ ਸਿੱਖਿਆ ਦੇਣ ਲਈ ਇੱਕ ਰੋਜ਼ਾ ਸਿੱਖਿਆਤਮਕ ਟੂਰ ਲਗਾਇਆ
ਪੰਜਾਬ ਟਾਈਮਜ਼	ਖ਼ਬਰ
BATHINDA
ਮਾਨਸਾ, 3 ਦਸੰਬਰ (ਹਰਜੀਤ ਗਿੱਲ)- ਸਰਕਾਰੀ ਸੀਨੀਅਰ ਸੈਕੰਡਰੀ ਸਕੂਲ ਦੇ ਵਿਦਿਆਰਥੀਆਂ ਨੂੰ ਅਸਲ ਜੀਵਨ ਅਧਾਰਿਤ ਸਿੱਖਿਆ ਦੇਣ ਲਈ ਇੱਕ ਰੋਜ਼ਾ ਸਿੱਖਿਆਤਮਕ ਟੂਰ ਬਠਿੰਡਾ ਲਗਾਇਆ ਗਿਆ। ਇਸ ਟੂਰ ਦੌਰਾਨ ਵਿਦਿਆਰਥੀਆਂ ਨੇ ਥਰਮਲ ਪਲਾਂਟ, ਕਿਲ੍ਹਾ ਮੁਬਾਰਕ ਅਤੇ ਹੋਰ ਇਤਿਹਾਸਕ ਸਥਾਨਾਂ ਦਾ ਦੌਰਾ ਕੀਤਾ। ਅਧਿਆਪਕਾਂ ਨੇ ਵਿਦਿਆਰਥੀਆਂ ਨੂੰ ਬਿਜਲੀ ਉਤਪਾਦਨ ਦੀ ਪ੍ਰਕਿਰਿਆ ਅਤੇ ਇਤਿਹਾਸਕ ਵਿਰਾਸਤ ਬਾਰੇ ਜਾਣਕਾਰੀ ਦਿੱਤੀ। ਸਕੂਲ ਮੁਖੀ ਨੇ ਕਿਹਾ ਕਿ ਅਜਿਹੇ ਟੂਰ ਵਿਦਿਆਰਥੀਆਂ ਦੀ ਸਿੱਖਣ ਦੀ ਸਮਰੱਥਾ ਨੂੰ ਵਧਾਉਂਦੇ ਹਨ। ਟੂਰ ਦੌਰਾਨ ਵਿਦਿਆਰਥੀਆਂ ਨੇ ਬਹੁਤ ਉਤਸ਼ਾਹ ਨਾਲ ਭਾਗ ਲਿਆ ਅਤੇ ਨਵੀਆਂ ਗੱਲਾਂ ਸਿੱਖੀਆਂ। ਇਸ ਮੌਕੇ ਸਮੂਹ ਸਟਾਫ਼ ਹਾਜ਼ਰ ਸੀ।
ਵਿਕਾਸ ਕੰਮਾਂ ਅਤੇ ਠੇਕੇਦਾਰਾਂ ਦੇ ਭੁਗਤਾਨ 'ਤੇ ਕੋਈ ਰੋਕ ਨਹੀਂ : ਹਰਿਆਣਾ ਸਰਕਾਰ
ਪੰਜਾਬ ਟਾਈਮਜ਼	ਖ਼ਬਰ
ਚੰਡੀਗੜ੍ਹ, 3 ਦਸੰਬਰ (ਪੰਜਾਬ ਟਾਈਮਜ਼ ਬਿਊਰੋ)- ਹਰਿਆਣਾ ਸਰਕਾਰ ਨੇ ਸਪੱਸ਼ਟ ਕੀਤਾ ਹੈ ਕਿ ਸੂਬੇ ਵਿੱਚ ਵਿਕਾਸ ਕਾਰਜਾਂ ਅਤੇ ਠੇਕੇਦਾਰਾਂ ਦੇ ਭੁਗਤਾਨ 'ਤੇ ਕੋਈ ਰੋਕ ਨਹੀਂ ਲਗਾਈ ਗਈ ਹੈ। ਵਿੱਤ ਵਿਭਾਗ ਨੇ ਕਿਹਾ ਕਿ ਇਸ ਸਬੰਧੀ ਫੈਲਾਈਆਂ ਜਾ ਰਹੀਆਂ ਖ਼ਬਰਾਂ ਬੇਬੁਨਿਆਦ ਹਨ। ਸਰਕਾਰ ਨੇ ਸਾਰੇ ਵਿਭਾਗਾਂ ਨੂੰ ਨਿਰਦੇਸ਼ ਦਿੱਤੇ ਹਨ ਕਿ ਚੱਲ ਰਹੇ ਵਿਕਾਸ ਪ੍ਰੋਜੈਕਟਾਂ ਨੂੰ ਸਮੇਂ ਸਿਰ ਪੂਰਾ ਕੀਤਾ ਜਾਵੇ ਅਤੇ ਠੇਕੇਦਾਰਾਂ ਦੇ ਬਿੱਲਾਂ ਦਾ ਭੁਗਤਾਨ ਨਿਯਮਾਂ ਅਨੁਸਾਰ ਕੀਤਾ ਜਾਵੇ। ਅਧਿਕਾਰੀਆਂ ਨੇ ਦੱਸਿਆ ਕਿ ਸਰਕਾਰ ਪਾਰਦਰਸ਼ਤਾ ਅਤੇ ਜਵਾਬਦੇਹੀ ਨਾਲ ਕੰਮ ਕਰ ਰਹੀ ਹੈ। ਮਈ, 2015 ਦੀ ਹਿਦਾਇਤਾਂ ਅਨੁਸਾਰ ਸਾਰੇ ਪ੍ਰੋਜੈਕਟਾਂ ਦੀ ਨਿਗਰਾਨੀ ਕੀਤੀ ਜਾ ਰਹੀ ਹੈ ਅਤੇ ਫੰਡਾਂ ਦੀ ਕੋਈ ਘਾਟ ਨਹੀਂ ਹੈ।
ਨੋ-ਐਂਟਰੀ ਦੌਰਾਨ ਵੀ ਸ਼ਹਿਰ 'ਚ ਟਿੱਪਰਾਂ ਦੀ ਬੇ-ਖ਼ੌਫ਼ ਐਂਟਰੀ
ਗੜ੍ਹਸ਼ੰਕਰ, 3 ਦਸੰਬਰ (ਜਸਵੀਰ ਰੰਗੀ)- ਸ਼ਹਿਰ ਗੜ੍ਹਸ਼ੰਕਰ ਵਿੱਚ ਨੋ-ਐਂਟਰੀ ਦੇ ਸਮੇਂ ਦੌਰਾਨ ਵੀ ਟਿੱਪਰਾਂ ਅਤੇ ਭਾਰੀ ਵਾਹਨਾਂ ਦੀ ਬੇ-ਖ਼ੌਫ਼ ਐਂਟਰੀ ਜਾਰੀ ਹੈ, ਜਿਸ ਕਾਰਨ ਸ਼ਹਿਰ ਵਾਸੀਆਂ ਨੂੰ ਭਾਰੀ ਪਰੇਸ਼ਾਨੀ ਦਾ ਸਾਹਮਣਾ ਕਰਨਾ ਪੈ ਰਿਹਾ ਹੈ। ਸ਼ਹਿਰ ਵਾਸੀਆਂ ਨੇ ਦੱਸਿਆ ਕਿ ਸਵੇਰੇ ਅਤੇ ਸ਼ਾਮ ਦੇ ਸਮੇਂ ਸਕੂਲੀ ਬੱਚਿਆਂ ਅਤੇ ਰਾਹਗੀਰਾਂ ਨੂੰ ਇਨ੍ਹਾਂ ਵਾਹਨਾਂ ਕਾਰਨ ਹਾਦਸਿਆਂ ਦਾ ਖ਼ਤਰਾ ਬਣਿਆ ਰਹਿੰਦਾ ਹੈ। ਉਨ੍ਹਾਂ ਪ੍ਰਸ਼ਾਸਨ ਤੋਂ ਮੰਗ ਕੀਤੀ ਕਿ ਨੋ-ਐਂਟਰੀ ਦੇ ਨਿਯਮਾਂ ਨੂੰ ਸਖ਼ਤੀ ਨਾਲ ਲਾਗੂ ਕੀਤਾ ਜਾਵੇ। ਟ੍ਰੈਫਿਕ ਪੁਲਿਸ ਦੇ ਅਧਿਕਾਰੀਆਂ ਨੇ ਕਿਹਾ ਕਿ ਉਲੰਘਣਾ ਕਰਨ ਵਾਲੇ ਵਾਹਨਾਂ ਵਿਰੁੱਧ ਸਖ਼ਤ ਕਾਰਵਾਈ ਕੀਤੀ ਜਾਵੇਗੀ ਅਤੇ ਚਲਾਨ ਕੱਟੇ ਜਾਣਗੇ। ਲੋਕਾਂ ਨੇ ਕਿਹਾ ਕਿ ਜੇਕਰ ਜਲਦ ਕਾਰਵਾਈ ਨਾ ਹੋਈ ਤਾਂ ਉਹ ਸੰਘਰਸ਼ ਕਰਨ ਲਈ ਮਜਬੂਰ ਹੋਣਗੇ।
C-K	C-K
